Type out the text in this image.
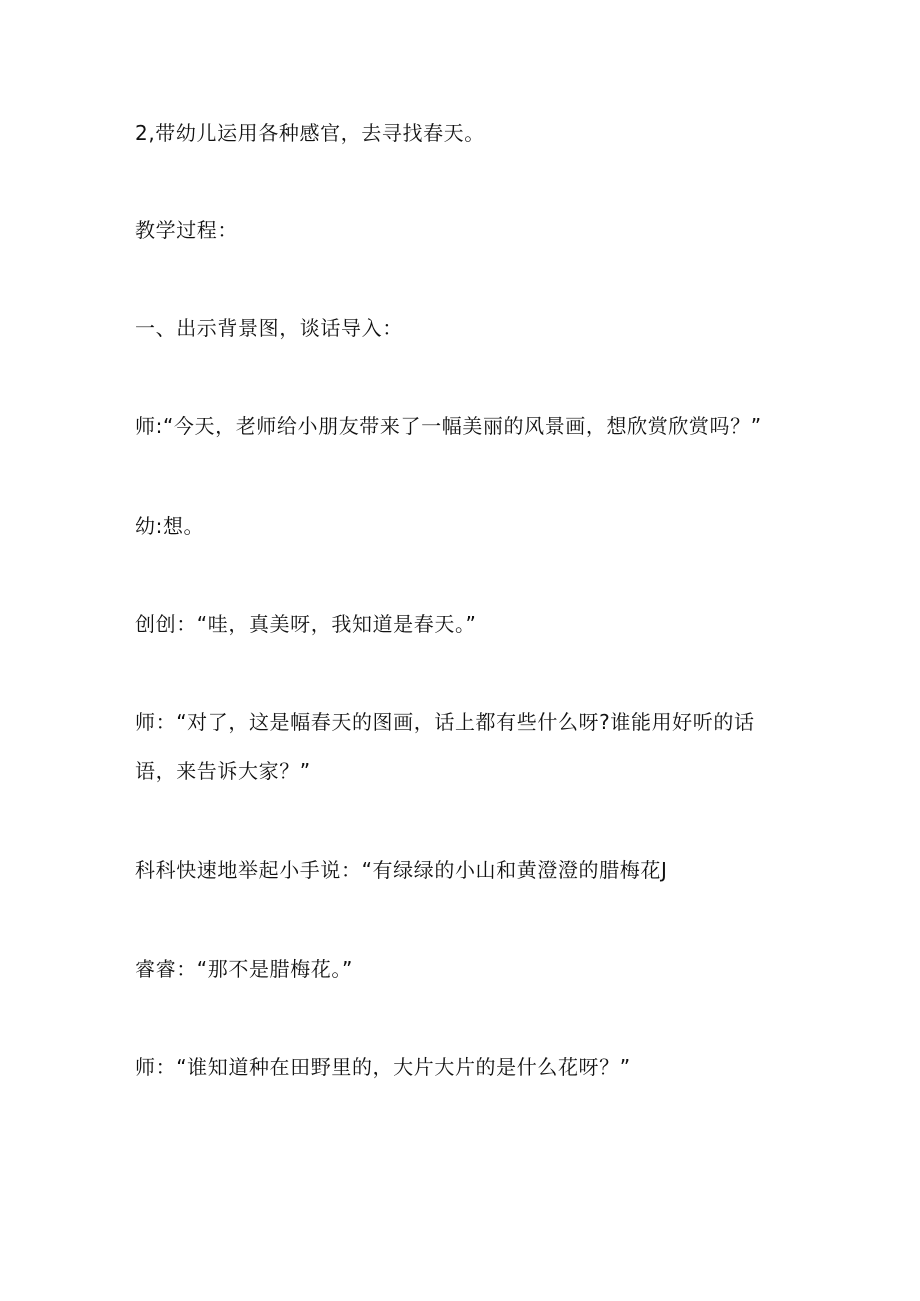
2,带幼儿运用各种感官，去寻找春天。
教学过程：
一、出示背景图，谈话导入：
师:“今天，老师给小朋友带来了一幅美丽的风景画，想欣赏欣赏吗？”
幼:想。
创创：“哇，真美呀，我知道是春天。”
师：“对了，这是幅春天的图画，话上都有些什么呀?谁能用好听的话
语，来告诉大家？”
科科快速地举起小手说：“有绿绿的小山和黄澄澄的腊梅花J
睿睿：“那不是腊梅花。”
师：“谁知道种在田野里的，大片大片的是什么花呀？”
